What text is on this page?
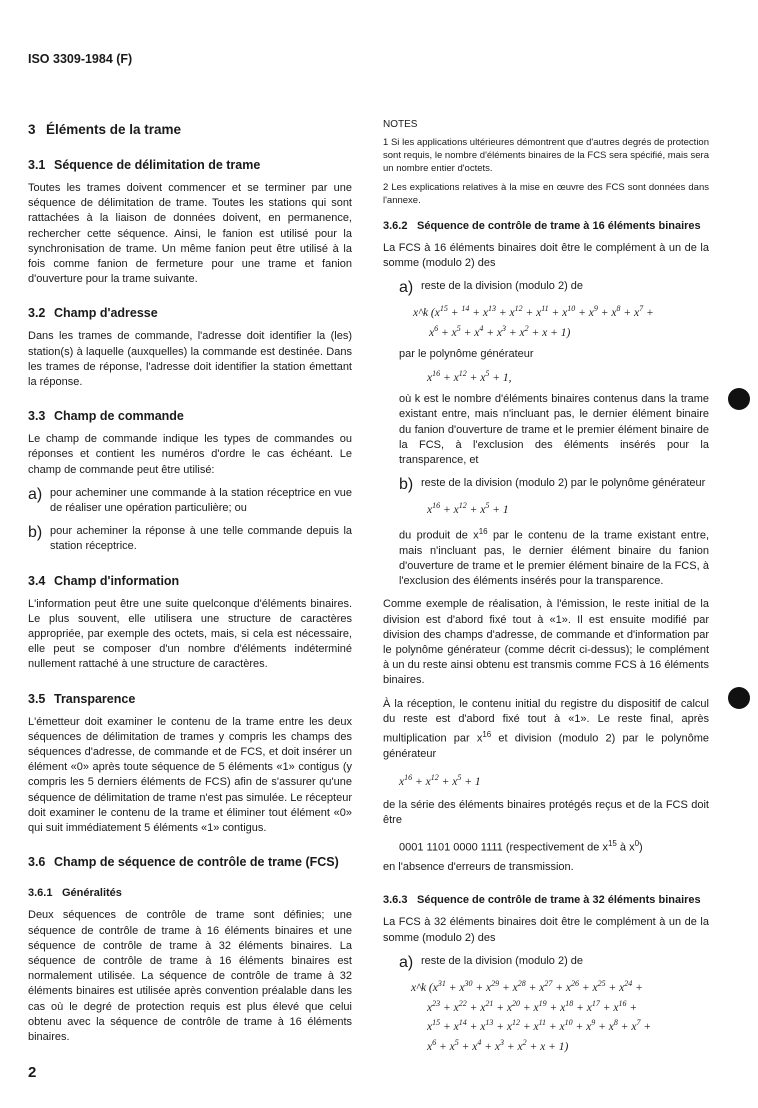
ISO 3309-1984 (F)
3 Éléments de la trame
3.1 Séquence de délimitation de trame

Toutes les trames doivent commencer et se terminer par une séquence de délimitation de trame. Toutes les stations qui sont rattachées à la liaison de données doivent, en permanence, rechercher cette séquence. Ainsi, le fanion est utilisé pour la synchronisation de trame. Un même fanion peut être utilisé à la fois comme fanion de fermeture pour une trame et fanion d'ouverture pour la trame suivante.

3.2 Champ d'adresse

Dans les trames de commande, l'adresse doit identifier la (les) station(s) à laquelle (auxquelles) la commande est destinée. Dans les trames de réponse, l'adresse doit identifier la station émettant la réponse.

3.3 Champ de commande

Le champ de commande indique les types de commandes ou réponses et contient les numéros d'ordre le cas échéant. Le champ de commande peut être utilisé:

a) pour acheminer une commande à la station réceptrice en vue de réaliser une opération particulière; ou

b) pour acheminer la réponse à une telle commande depuis la station réceptrice.

3.4 Champ d'information

L'information peut être une suite quelconque d'éléments binaires. Le plus souvent, elle utilisera une structure de caractères appropriée, par exemple des octets, mais, si cela est nécessaire, elle peut se composer d'un nombre d'éléments indéterminé nullement rattaché à une structure de caractères.

3.5 Transparence

L'émetteur doit examiner le contenu de la trame entre les deux séquences de délimitation de trames y compris les champs des séquences d'adresse, de commande et de FCS, et doit insérer un élément «0» après toute séquence de 5 éléments «1» contigus (y compris les 5 derniers éléments de FCS) afin de s'assurer qu'une séquence de délimitation de trame n'est pas simulée. Le récepteur doit examiner le contenu de la trame et éliminer tout élément «0» qui suit immédiatement 5 éléments «1» contigus.

3.6 Champ de séquence de contrôle de trame (FCS)
3.6.1 Généralités

Deux séquences de contrôle de trame sont définies; une séquence de contrôle de trame à 16 éléments binaires et une séquence de contrôle de trame à 32 éléments binaires. La séquence de contrôle de trame à 16 éléments binaires est normalement utilisée. La séquence de contrôle de trame à 32 éléments binaires est utilisée après convention préalable dans les cas où le degré de protection requis est plus élevé que celui obtenu avec la séquence de contrôle de trame à 16 éléments binaires.

NOTES

1 Si les applications ultérieures démontrent que d'autres degrés de protection sont requis, le nombre d'éléments binaires de la FCS sera spécifié, mais sera un nombre entier d'octets.

2 Les explications relatives à la mise en œuvre des FCS sont données dans l'annexe.

3.6.2 Séquence de contrôle de trame à 16 éléments binaires

La FCS à 16 éléments binaires doit être le complément à un de la somme (modulo 2) des

a) reste de la division (modulo 2) de

x^k ($x^{15} + ^{14} + x^{13} + x^{12} + x^{11} + x^{10} + x^9 + x^8 + x^7$ +
$x^6 + x^5 + x^4 + x^3 + x^2 + x + 1$)

par le polynôme générateur

$x^{16} + x^{12} + x^5 + 1$,

où k est le nombre d'éléments binaires contenus dans la trame existant entre, mais n'incluant pas, le dernier élément binaire du fanion d'ouverture de trame et le premier élément binaire de la FCS, à l'exclusion des éléments insérés pour la transparence, et

b) reste de la division (modulo 2) par le polynôme générateur

$x^{16} + x^{12} + x^5 + 1$

du produit de $x^{16}$ par le contenu de la trame existant entre, mais n'incluant pas, le dernier élément binaire du fanion d'ouverture de trame et le premier élément binaire de la FCS, à l'exclusion des éléments insérés pour la transparence.

Comme exemple de réalisation, à l'émission, le reste initial de la division est d'abord fixé tout à «1». Il est ensuite modifié par division des champs d'adresse, de commande et d'information par le polynôme générateur (comme décrit ci-dessus); le complément à un du reste ainsi obtenu est transmis comme FCS à 16 éléments binaires.

À la réception, le contenu initial du registre du dispositif de calcul du reste est d'abord fixé tout à «1». Le reste final, après multiplication par $x^{16}$ et division (modulo 2) par le polynôme générateur

$x^{16} + x^{12} + x^5 + 1$

de la série des éléments binaires protégés reçus et de la FCS doit être

0001 1101 0000 1111 (respectivement de $x^{15}$ à $x^0$)

en l'absence d'erreurs de transmission.

3.6.3 Séquence de contrôle de trame à 32 éléments binaires

La FCS à 32 éléments binaires doit être le complément à un de la somme (modulo 2) des

a) reste de la division (modulo 2) de

x^k ($x^{31} + x^{30} + x^{29} + x^{28} + x^{27} + x^{26} + x^{25} + x^{24}$ +
$x^{23} + x^{22} + x^{21} + x^{20} + x^{19} + x^{18} + x^{17} + x^{16}$ +
$x^{15} + x^{14} + x^{13} + x^{12} + x^{11} + x^{10} + x^9 + x^8 + x^7$ +
$x^6 + x^5 + x^4 + x^3 + x^2 + x + 1$)
2
